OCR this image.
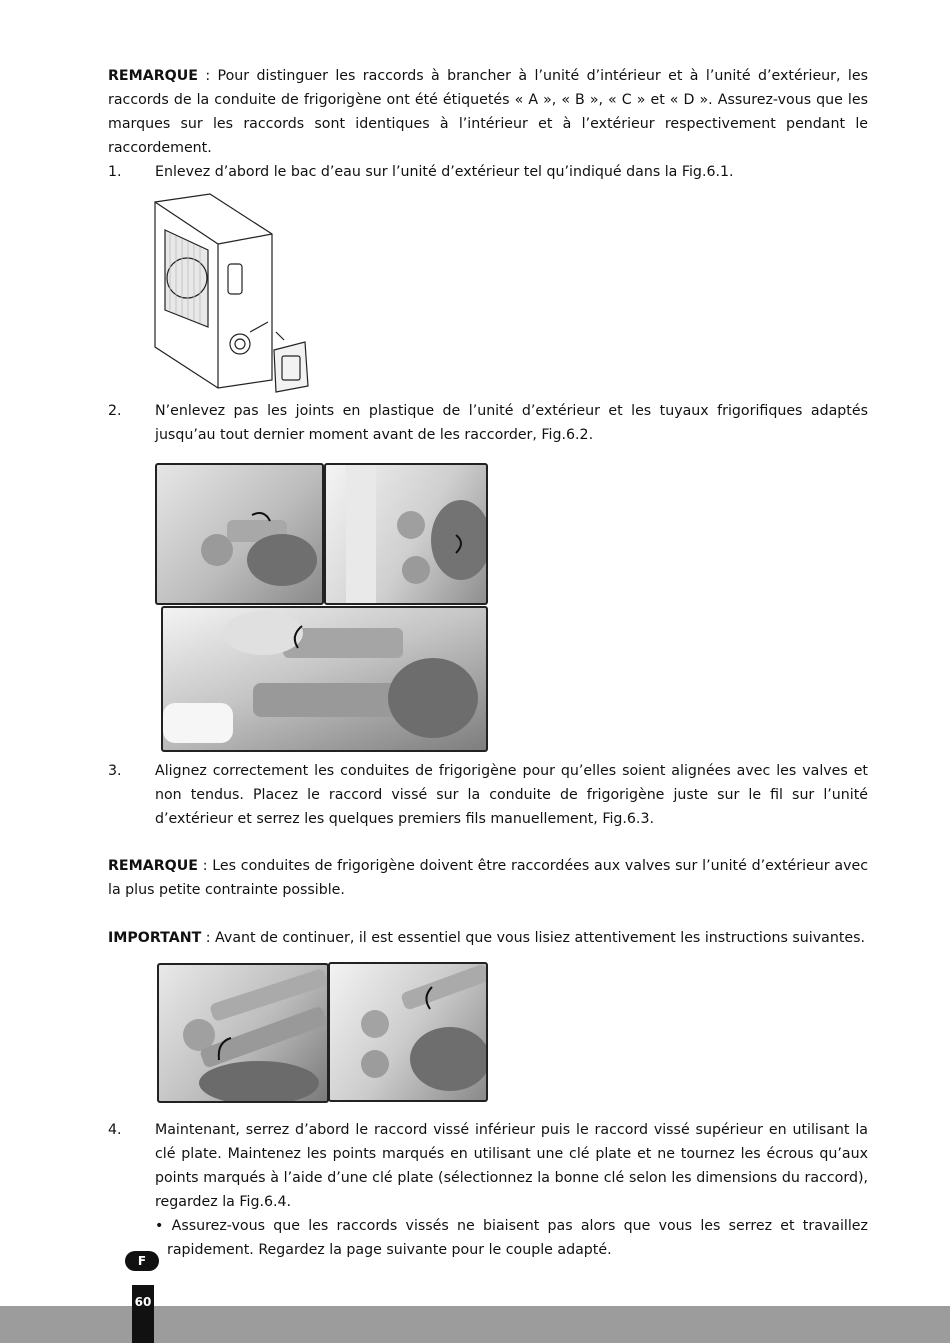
REMARQUE : Pour distinguer les raccords à brancher à l’unité d’intérieur et à l’unité d’extérieur, les raccords de la conduite de frigorigène ont été étiquetés « A », « B », « C » et « D ». Assurez-vous que les marques sur les raccords sont identiques à l’intérieur et à l’extérieur respectivement pendant le raccordement.

1. Enlevez d’abord le bac d’eau sur l’unité d’extérieur tel qu’indiqué dans la Fig.6.1.

2. N’enlevez pas les joints en plastique de l’unité d’extérieur et les tuyaux frigorifiques adaptés jusqu’au tout dernier moment avant de les raccorder, Fig.6.2.

3. Alignez correctement les conduites de frigorigène pour qu’elles soient alignées avec les valves et non tendus. Placez le raccord vissé sur la conduite de frigorigène juste sur le fil sur l’unité d’extérieur et serrez les quelques premiers fils manuellement, Fig.6.3.

REMARQUE : Les conduites de frigorigène doivent être raccordées aux valves sur l’unité d’extérieur avec la plus petite contrainte possible.

IMPORTANT : Avant de continuer, il est essentiel que vous lisiez attentivement les instructions suivantes.

4. Maintenant, serrez d’abord le raccord vissé inférieur puis le raccord vissé supérieur en utilisant la clé plate. Maintenez les points marqués en utilisant une clé plate et ne tournez les écrous qu’aux points marqués à l’aide d’une clé plate (sélectionnez la bonne clé selon les dimensions du raccord), regardez la Fig.6.4.

• Assurez-vous que les raccords vissés ne biaisent pas alors que vous les serrez et travaillez rapidement. Regardez la page suivante pour le couple adapté.

F
60
